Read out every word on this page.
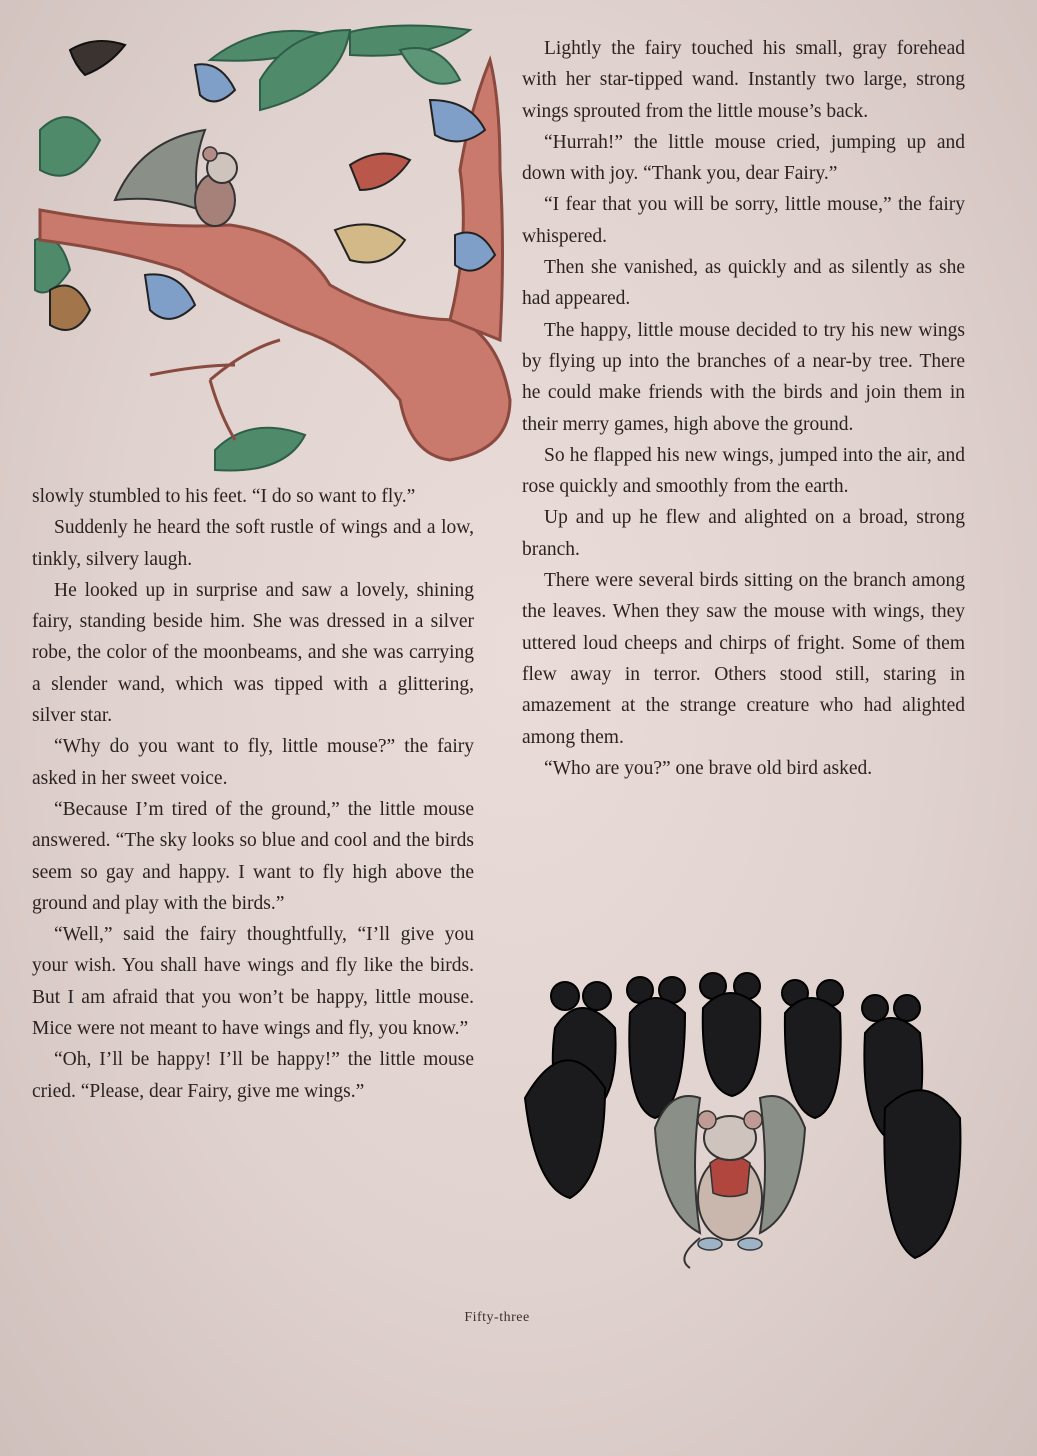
slowly stumbled to his feet. “I do so want to fly.”

Suddenly he heard the soft rustle of wings and a low, tinkly, silvery laugh.

He looked up in surprise and saw a lovely, shining fairy, standing beside him. She was dressed in a silver robe, the color of the moonbeams, and she was carrying a slender wand, which was tipped with a glittering, silver star.

“Why do you want to fly, little mouse?” the fairy asked in her sweet voice.

“Because I’m tired of the ground,” the little mouse answered. “The sky looks so blue and cool and the birds seem so gay and happy. I want to fly high above the ground and play with the birds.”

“Well,” said the fairy thoughtfully, “I’ll give you your wish. You shall have wings and fly like the birds. But I am afraid that you won’t be happy, little mouse. Mice were not meant to have wings and fly, you know.”

“Oh, I’ll be happy! I’ll be happy!” the little mouse cried. “Please, dear Fairy, give me wings.”

Lightly the fairy touched his small, gray forehead with her star-tipped wand. Instantly two large, strong wings sprouted from the little mouse’s back.

“Hurrah!” the little mouse cried, jumping up and down with joy. “Thank you, dear Fairy.”

“I fear that you will be sorry, little mouse,” the fairy whispered.

Then she vanished, as quickly and as silently as she had appeared.

The happy, little mouse decided to try his new wings by flying up into the branches of a near-by tree. There he could make friends with the birds and join them in their merry games, high above the ground.

So he flapped his new wings, jumped into the air, and rose quickly and smoothly from the earth.

Up and up he flew and alighted on a broad, strong branch.

There were several birds sitting on the branch among the leaves. When they saw the mouse with wings, they uttered loud cheeps and chirps of fright. Some of them flew away in terror. Others stood still, staring in amazement at the strange creature who had alighted among them.

“Who are you?” one brave old bird asked.

Fifty-three
